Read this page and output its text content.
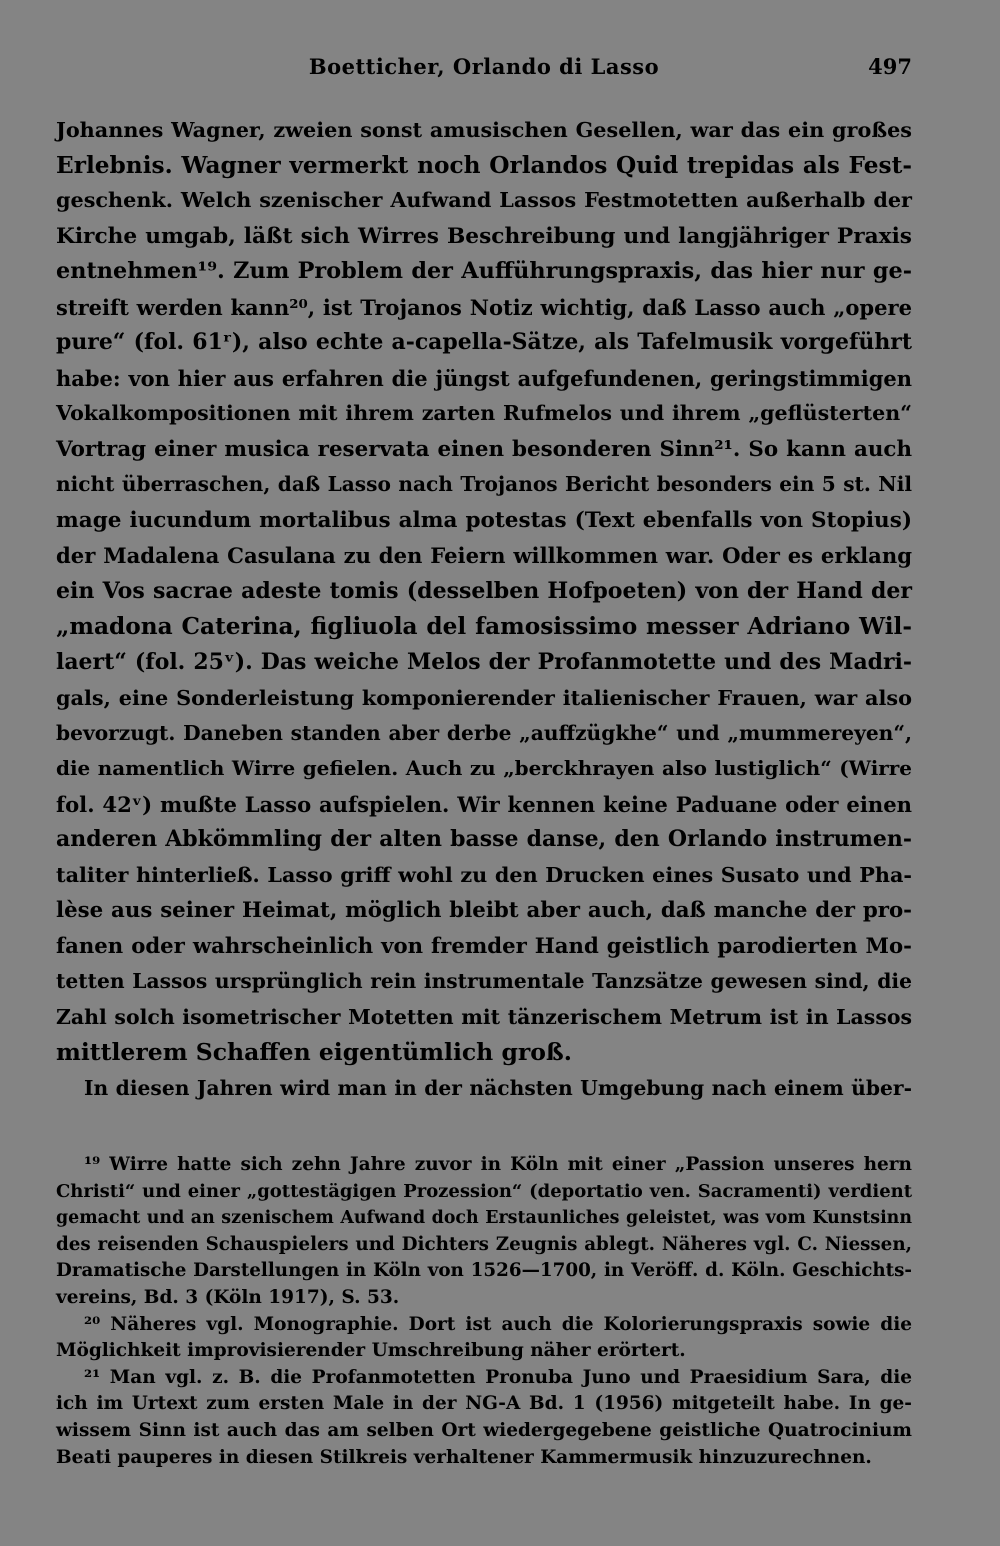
Boetticher, Orlando di Lasso	497
Johannes Wagner, zweien sonst amusischen Gesellen, war das ein großes
Erlebnis. Wagner vermerkt noch Orlandos Quid trepidas als Fest-
geschenk. Welch szenischer Aufwand Lassos Festmotetten außerhalb der
Kirche umgab, läßt sich Wirres Beschreibung und langjähriger Praxis
entnehmen¹⁹. Zum Problem der Aufführungspraxis, das hier nur ge-
streift werden kann²⁰, ist Trojanos Notiz wichtig, daß Lasso auch „opere
pure“ (fol. 61ʳ), also echte a-capella-Sätze, als Tafelmusik vorgeführt
habe: von hier aus erfahren die jüngst aufgefundenen, geringstimmigen
Vokalkompositionen mit ihrem zarten Rufmelos und ihrem „geflüsterten“
Vortrag einer musica reservata einen besonderen Sinn²¹. So kann auch
nicht überraschen, daß Lasso nach Trojanos Bericht besonders ein 5 st. Nil
mage iucundum mortalibus alma potestas (Text ebenfalls von Stopius)
der Madalena Casulana zu den Feiern willkommen war. Oder es erklang
ein Vos sacrae adeste tomis (desselben Hofpoeten) von der Hand der
„madona Caterina, figliuola del famosissimo messer Adriano Wil-
laert“ (fol. 25ᵛ). Das weiche Melos der Profanmotette und des Madri-
gals, eine Sonderleistung komponierender italienischer Frauen, war also
bevorzugt. Daneben standen aber derbe „auffzügkhe“ und „mummereyen“,
die namentlich Wirre gefielen. Auch zu „berckhrayen also lustiglich“ (Wirre
fol. 42ᵛ) mußte Lasso aufspielen. Wir kennen keine Paduane oder einen
anderen Abkömmling der alten basse danse, den Orlando instrumen-
taliter hinterließ. Lasso griff wohl zu den Drucken eines Susato und Pha-
lèse aus seiner Heimat, möglich bleibt aber auch, daß manche der pro-
fanen oder wahrscheinlich von fremder Hand geistlich parodierten Mo-
tetten Lassos ursprünglich rein instrumentale Tanzsätze gewesen sind, die
Zahl solch isometrischer Motetten mit tänzerischem Metrum ist in Lassos
mittlerem Schaffen eigentümlich groß.
In diesen Jahren wird man in der nächsten Umgebung nach einem über-
¹⁹ Wirre hatte sich zehn Jahre zuvor in Köln mit einer „Passion unseres hern
Christi“ und einer „gottestägigen Prozession“ (deportatio ven. Sacramenti) verdient
gemacht und an szenischem Aufwand doch Erstaunliches geleistet, was vom Kunstsinn
des reisenden Schauspielers und Dichters Zeugnis ablegt. Näheres vgl. C. Niessen,
Dramatische Darstellungen in Köln von 1526—1700, in Veröff. d. Köln. Geschichts-
vereins, Bd. 3 (Köln 1917), S. 53.
²⁰ Näheres vgl. Monographie. Dort ist auch die Kolorierungspraxis sowie die
Möglichkeit improvisierender Umschreibung näher erörtert.
²¹ Man vgl. z. B. die Profanmotetten Pronuba Juno und Praesidium Sara, die
ich im Urtext zum ersten Male in der NG-A Bd. 1 (1956) mitgeteilt habe. In ge-
wissem Sinn ist auch das am selben Ort wiedergegebene geistliche Quatrocinium
Beati pauperes in diesen Stilkreis verhaltener Kammermusik hinzuzurechnen.
